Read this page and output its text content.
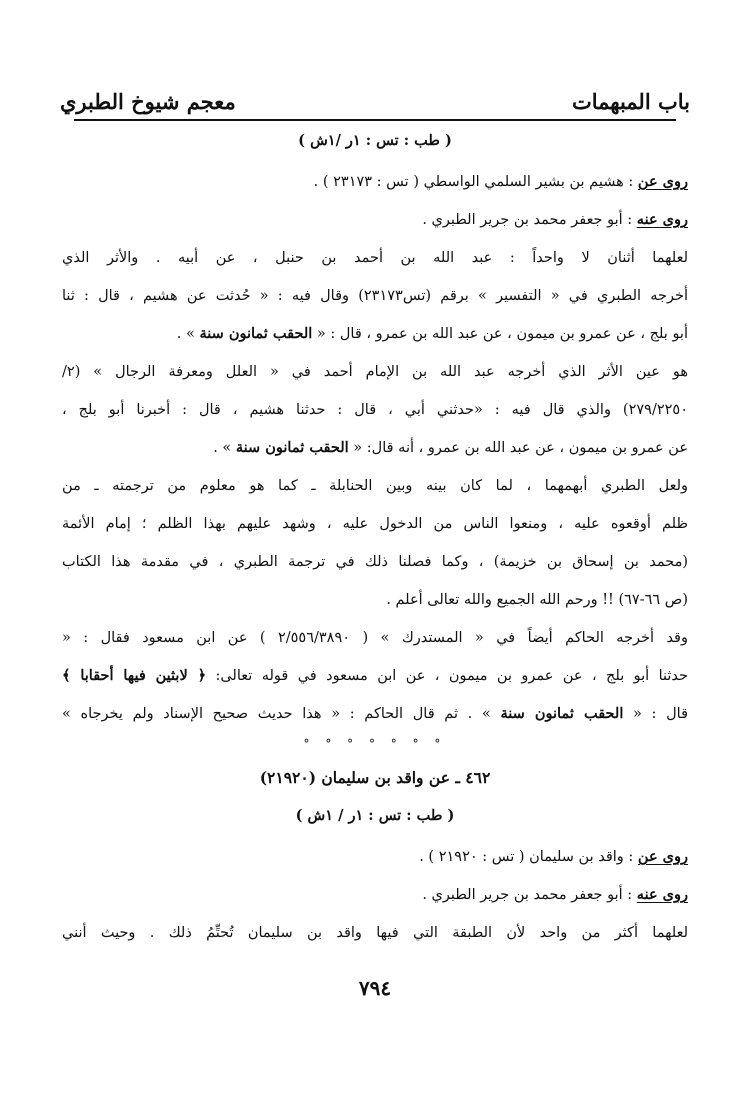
باب المبهمات
معجم شيوخ الطبري
( طب : تس : ١ر /١ش )
روى عن : هشيم بن بشير السلمي الواسطي ( تس : ٢٣١٧٣ ) .
روى عنه : أبو جعفر محمد بن جرير الطبري .
لعلهما أثنان لا واحداً : عبد الله بن أحمد بن حنبل ، عن أبيه . والأثر الذي
أخرجه الطبري في « التفسير » برقم (تس٢٣١٧٣) وقال فيه : « حُدثت عن هشيم ، قال : ثنا
أبو بلج ، عن عمرو بن ميمون ، عن عبد الله بن عمرو ، قال : « الحقب ثمانون سنة » .
هو عين الأثر الذي أخرجه عبد الله بن الإمام أحمد في « العلل ومعرفة الرجال » (٢/
٢٧٩/٢٢٥٠) والذي قال فيه : «حدثني أبي ، قال : حدثنا هشيم ، قال : أخبرنا أبو بلج ،
عن عمرو بن ميمون ، عن عبد الله بن عمرو ، أنه قال: « الحقب ثمانون سنة » .
ولعل الطبري أبهمهما ، لما كان بينه وبين الحنابلة ـ كما هو معلوم من ترجمته ـ من
ظلم أوقعوه عليه ، ومنعوا الناس من الدخول عليه ، وشهد عليهم بهذا الظلم ؛ إمام الأئمة
(محمد بن إسحاق بن خزيمة) ، وكما فصلنا ذلك في ترجمة الطبري ، في مقدمة هذا الكتاب
(ص ٦٦-٦٧) !! ورحم الله الجميع والله تعالى أعلم .
وقد أخرجه الحاكم أيضاً في « المستدرك » ( ٢/٥٥٦/٣٨٩٠ ) عن ابن مسعود فقال : «
حدثنا أبو بلج ، عن عمرو بن ميمون ، عن ابن مسعود في قوله تعالى: ﴿ لابثين فيها أحقابا ﴾
قال : « الحقب ثمانون سنة » . ثم قال الحاكم : « هذا حديث صحيح الإسناد ولم يخرجاه »
° ° ° ° ° ° °
٤٦٢ ـ عن واقد بن سليمان (٢١٩٢٠)
( طب : تس : ١ر / ١ش )
روى عن : واقد بن سليمان ( تس : ٢١٩٢٠ ) .
روى عنه : أبو جعفر محمد بن جرير الطبري .
لعلهما أكثر من واحد لأن الطبقة التي فيها واقد بن سليمان تُحتِّمُ ذلك . وحيث أنني
٧٩٤
